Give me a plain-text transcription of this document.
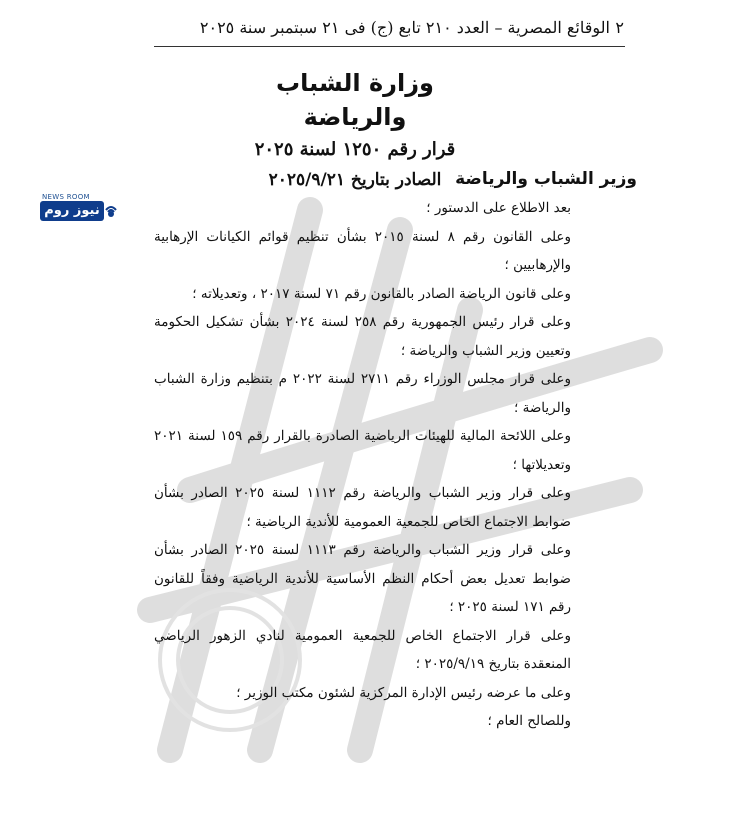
٢
الوقائع المصرية – العدد ٢١٠ تابع (ج) فى ٢١ سبتمبر سنة ٢٠٢٥
وزارة الشباب والرياضة
قرار رقم ١٢٥٠ لسنة ٢٠٢٥
الصادر بتاريخ ٢٠٢٥/٩/٢١ وزير الشباب والرياضة
NEWS ROOM
نيوز روم	بعد الاطلاع على الدستور ؛

وعلى القانون رقم ٨ لسنة ٢٠١٥ بشأن تنظيم قوائم الكيانات الإرهابية والإرهابيين ؛

وعلى قانون الرياضة الصادر بالقانون رقم ٧١ لسنة ٢٠١٧ ، وتعديلاته ؛

وعلى قرار رئيس الجمهورية رقم ٢٥٨ لسنة ٢٠٢٤ بشأن تشكيل الحكومة وتعيين وزير الشباب والرياضة ؛

وعلى قرار مجلس الوزراء رقم ٢٧١١ لسنة ٢٠٢٢ م بتنظيم وزارة الشباب والرياضة ؛

وعلى اللائحة المالية للهيئات الرياضية الصادرة بالقرار رقم ١٥٩ لسنة ٢٠٢١ وتعديلاتها ؛

وعلى قرار وزير الشباب والرياضة رقم ١١١٢ لسنة ٢٠٢٥ الصادر بشأن ضوابط الاجتماع الخاص للجمعية العمومية للأندية الرياضية ؛

وعلى قرار وزير الشباب والرياضة رقم ١١١٣ لسنة ٢٠٢٥ الصادر بشأن ضوابط تعديل بعض أحكام النظم الأساسية للأندية الرياضية وفقاً للقانون رقم ١٧١ لسنة ٢٠٢٥ ؛

وعلى قرار الاجتماع الخاص للجمعية العمومية لنادي الزهور الرياضي المنعقدة بتاريخ ٢٠٢٥/٩/١٩ ؛

وعلى ما عرضه رئيس الإدارة المركزية لشئون مكتب الوزير ؛

وللصالح العام ؛
